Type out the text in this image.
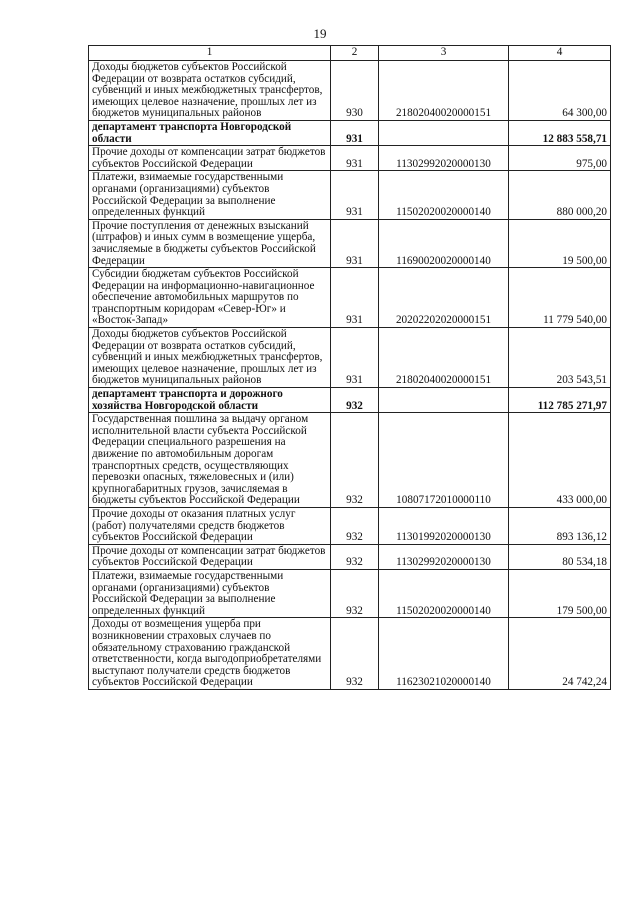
19
1	2	3	4
Доходы бюджетов субъектов Российской Федерации от возврата остатков субсидий, субвенций и иных межбюджетных трансфертов, имеющих целевое назначение, прошлых лет из бюджетов муниципальных районов	930	21802040020000151	64 300,00
департамент транспорта Новгородской области	931		12 883 558,71
Прочие доходы от компенсации затрат бюджетов субъектов Российской Федерации	931	11302992020000130	975,00
Платежи, взимаемые государственными органами (организациями) субъектов Российской Федерации за выполнение определенных функций	931	11502020020000140	880 000,20
Прочие поступления от денежных взысканий (штрафов) и иных сумм в возмещение ущерба, зачисляемые в бюджеты субъектов Российской Федерации	931	11690020020000140	19 500,00
Субсидии бюджетам субъектов Российской Федерации на информационно-навигационное обеспечение автомобильных маршрутов по транспортным коридорам «Север-Юг» и «Восток-Запад»	931	20202202020000151	11 779 540,00
Доходы бюджетов субъектов Российской Федерации от возврата остатков субсидий, субвенций и иных межбюджетных трансфертов, имеющих целевое назначение, прошлых лет из бюджетов муниципальных районов	931	21802040020000151	203 543,51
департамент транспорта и дорожного хозяйства Новгородской области	932		112 785 271,97
Государственная пошлина за выдачу органом исполнительной власти субъекта Российской Федерации специального разрешения на движение по автомобильным дорогам транспортных средств, осуществляющих перевозки опасных, тяжеловесных и (или) крупногабаритных грузов, зачисляемая в бюджеты субъектов Российской Федерации	932	10807172010000110	433 000,00
Прочие доходы от оказания платных услуг (работ) получателями средств бюджетов субъектов Российской Федерации	932	11301992020000130	893 136,12
Прочие доходы от компенсации затрат бюджетов субъектов Российской Федерации	932	11302992020000130	80 534,18
Платежи, взимаемые государственными органами (организациями) субъектов Российской Федерации за выполнение определенных функций	932	11502020020000140	179 500,00
Доходы от возмещения ущерба при возникновении страховых случаев по обязательному страхованию гражданской ответственности, когда выгодоприобретателями выступают получатели средств бюджетов субъектов Российской Федерации	932	11623021020000140	24 742,24
